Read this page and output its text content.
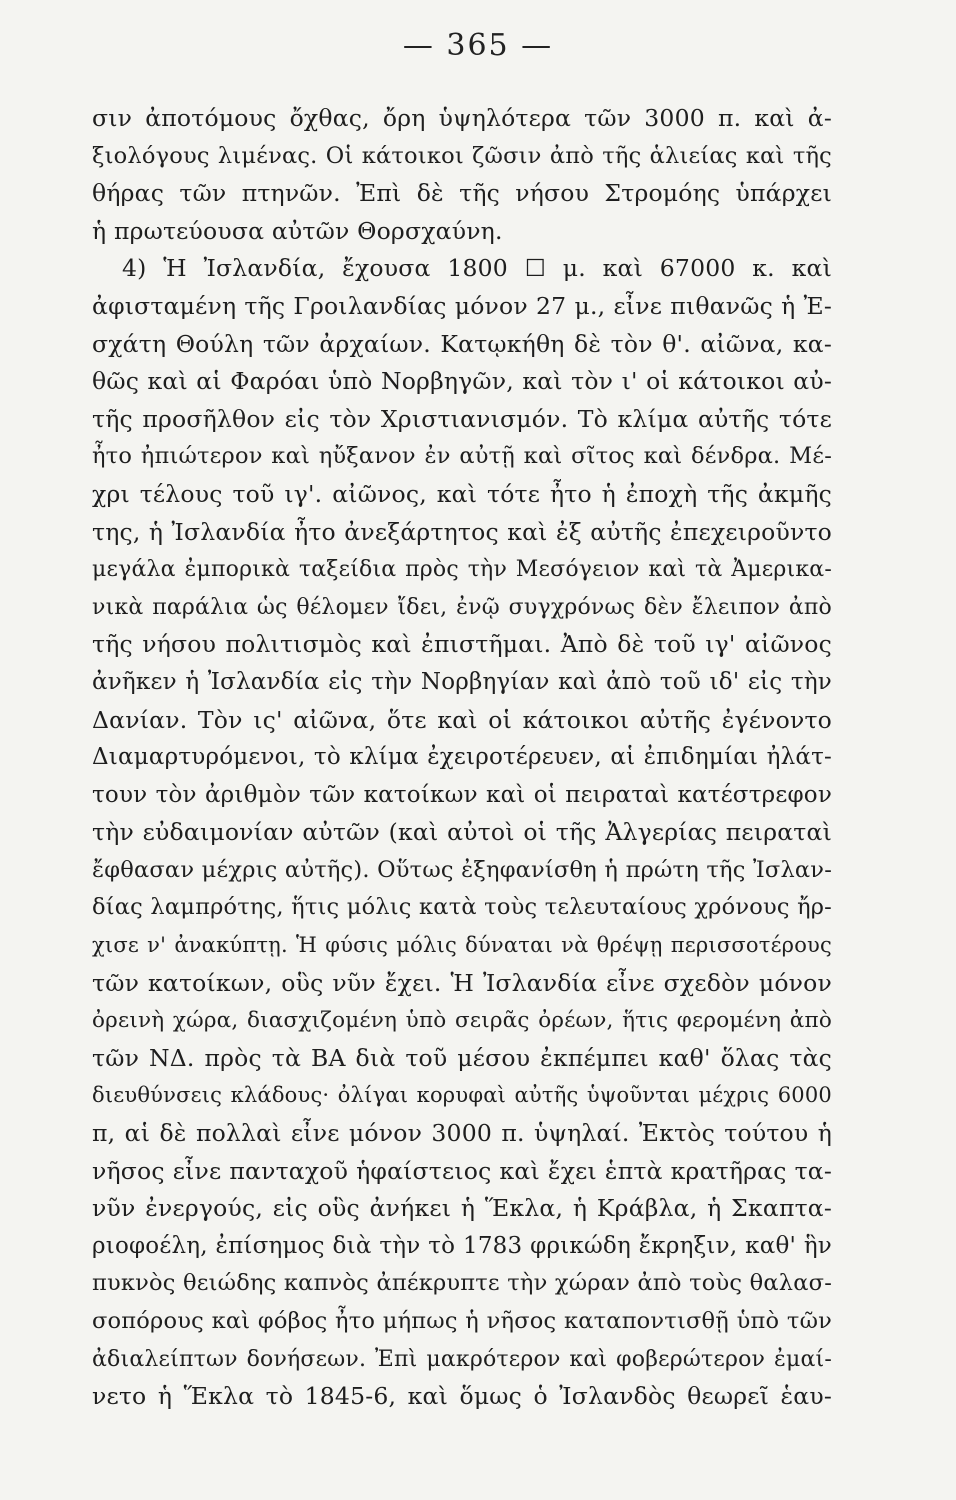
— 365 —
σιν ἀποτόμους ὄχθας, ὄρη ὑψηλότερα τῶν 3000 π. καὶ ἀ-
ξιολόγους λιμένας. Οἱ κάτοικοι ζῶσιν ἀπὸ τῆς ἁλιείας καὶ τῆς
θήρας τῶν πτηνῶν. Ἐπὶ δὲ τῆς νήσου Στρομόης ὑπάρχει
ἡ πρωτεύουσα αὐτῶν Θορσχαύνη.
4) Ἡ Ἰσλανδία, ἔχουσα 1800 ☐ μ. καὶ 67000 κ. καὶ
ἀφισταμένη τῆς Γροιλανδίας μόνον 27 μ., εἶνε πιθανῶς ἡ Ἐ-
σχάτη Θούλη τῶν ἀρχαίων. Κατῳκήθη δὲ τὸν θ'. αἰῶνα, κα-
θῶς καὶ αἱ Φαρόαι ὑπὸ Νορβηγῶν, καὶ τὸν ι' οἱ κάτοικοι αὐ-
τῆς προσῆλθον εἰς τὸν Χριστιανισμόν. Τὸ κλίμα αὐτῆς τότε
ἦτο ἠπιώτερον καὶ ηὔξανον ἐν αὐτῇ καὶ σῖτος καὶ δένδρα. Μέ-
χρι τέλους τοῦ ιγ'. αἰῶνος, καὶ τότε ἦτο ἡ ἐποχὴ τῆς ἀκμῆς
της, ἡ Ἰσλανδία ἦτο ἀνεξάρτητος καὶ ἐξ αὐτῆς ἐπεχειροῦντο
μεγάλα ἐμπορικὰ ταξείδια πρὸς τὴν Μεσόγειον καὶ τὰ Ἀμερικα-
νικὰ παράλια ὡς θέλομεν ἴδει, ἐνῷ συγχρόνως δὲν ἔλειπον ἀπὸ
τῆς νήσου πολιτισμὸς καὶ ἐπιστῆμαι. Ἀπὸ δὲ τοῦ ιγ' αἰῶνος
ἀνῆκεν ἡ Ἰσλανδία εἰς τὴν Νορβηγίαν καὶ ἀπὸ τοῦ ιδ' εἰς τὴν
Δανίαν. Τὸν ις' αἰῶνα, ὅτε καὶ οἱ κάτοικοι αὐτῆς ἐγένοντο
Διαμαρτυρόμενοι, τὸ κλίμα ἐχειροτέρευεν, αἱ ἐπιδημίαι ἠλάτ-
τουν τὸν ἀριθμὸν τῶν κατοίκων καὶ οἱ πειραταὶ κατέστρεφον
τὴν εὐδαιμονίαν αὐτῶν (καὶ αὐτοὶ οἱ τῆς Ἀλγερίας πειραταὶ
ἔφθασαν μέχρις αὐτῆς). Οὕτως ἐξηφανίσθη ἡ πρώτη τῆς Ἰσλαν-
δίας λαμπρότης, ἥτις μόλις κατὰ τοὺς τελευταίους χρόνους ἤρ-
χισε ν' ἀνακύπτῃ. Ἡ φύσις μόλις δύναται νὰ θρέψῃ περισσοτέρους
τῶν κατοίκων, οὓς νῦν ἔχει. Ἡ Ἰσλανδία εἶνε σχεδὸν μόνον
ὀρεινὴ χώρα, διασχιζομένη ὑπὸ σειρᾶς ὀρέων, ἥτις φερομένη ἀπὸ
τῶν ΝΔ. πρὸς τὰ ΒΑ διὰ τοῦ μέσου ἐκπέμπει καθ' ὅλας τὰς
διευθύνσεις κλάδους· ὀλίγαι κορυφαὶ αὐτῆς ὑψοῦνται μέχρις 6000
π, αἱ δὲ πολλαὶ εἶνε μόνον 3000 π. ὑψηλαί. Ἐκτὸς τούτου ἡ
νῆσος εἶνε πανταχοῦ ἡφαίστειος καὶ ἔχει ἑπτὰ κρατῆρας τα-
νῦν ἐνεργούς, εἰς οὓς ἀνήκει ἡ Ἕκλα, ἡ Κράβλα, ἡ Σκαπτα-
ριοφοέλη, ἐπίσημος διὰ τὴν τὸ 1783 φρικώδη ἔκρηξιν, καθ' ἣν
πυκνὸς θειώδης καπνὸς ἀπέκρυπτε τὴν χώραν ἀπὸ τοὺς θαλασ-
σοπόρους καὶ φόβος ἦτο μήπως ἡ νῆσος καταποντισθῇ ὑπὸ τῶν
ἀδιαλείπτων δονήσεων. Ἐπὶ μακρότερον καὶ φοβερώτερον ἐμαί-
νετο ἡ Ἕκλα τὸ 1845-6, καὶ ὅμως ὁ Ἰσλανδὸς θεωρεῖ ἑαυ-
